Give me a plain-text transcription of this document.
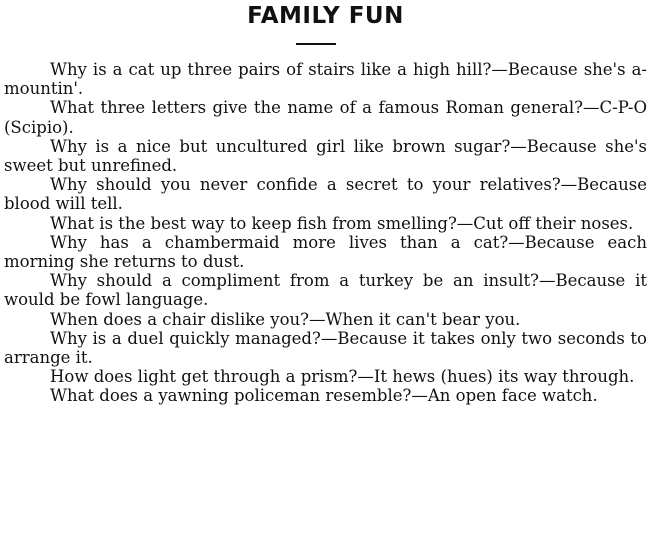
FAMILY FUN

Why is a cat up three pairs of stairs like a high hill?—Because she's a-mountin'.

What three letters give the name of a famous Roman general?—C-P-O (Scipio).

Why is a nice but uncultured girl like brown sugar?—Because she's sweet but unrefined.

Why should you never confide a secret to your relatives?—Because blood will tell.

What is the best way to keep fish from smelling?—Cut off their noses.

Why has a chambermaid more lives than a cat?—Because each morning she returns to dust.

Why should a compliment from a turkey be an insult?—Because it would be fowl language.

When does a chair dislike you?—When it can't bear you.

Why is a duel quickly managed?—Because it takes only two seconds to arrange it.

How does light get through a prism?—It hews (hues) its way through.

What does a yawning policeman resemble?—An open face watch.
